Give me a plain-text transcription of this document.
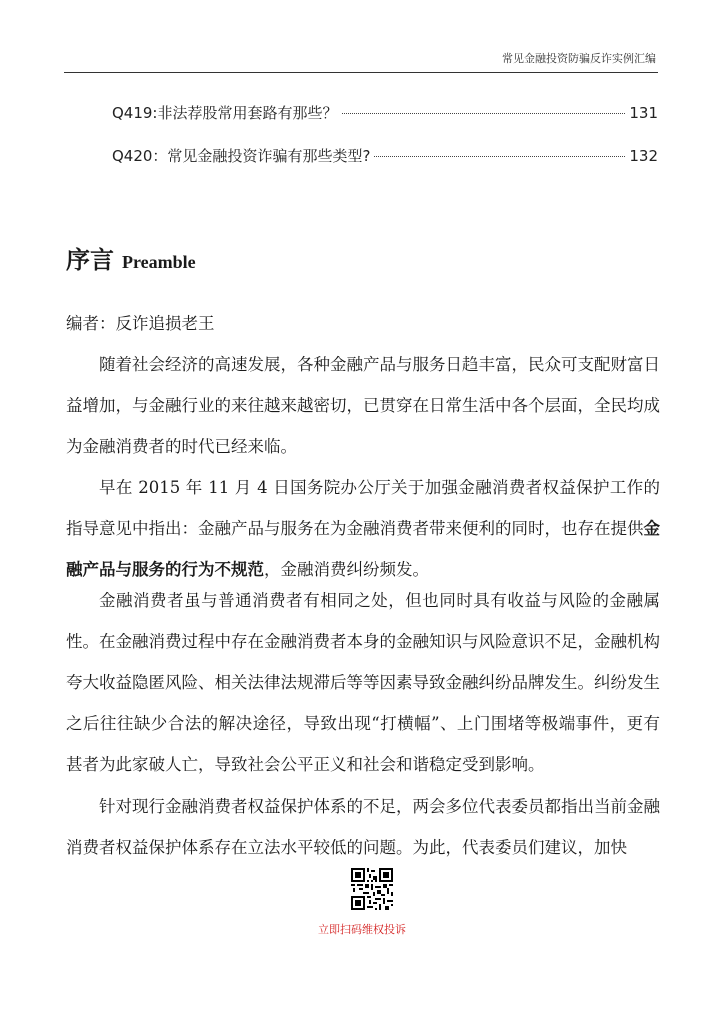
常见金融投资防骗反诈实例汇编
Q419:非法荐股常用套路有那些？	131
Q420：常见金融投资诈骗有那些类型?	132
序言 Preamble
编者：反诈追损老王
随着社会经济的高速发展，各种金融产品与服务日趋丰富，民众可支配财富日益增加，与金融行业的来往越来越密切，已贯穿在日常生活中各个层面，全民均成为金融消费者的时代已经来临。
早在 2015 年 11 月 4 日国务院办公厅关于加强金融消费者权益保护工作的指导意见中指出：金融产品与服务在为金融消费者带来便利的同时，也存在提供金融产品与服务的行为不规范，金融消费纠纷频发。
金融消费者虽与普通消费者有相同之处，但也同时具有收益与风险的金融属性。在金融消费过程中存在金融消费者本身的金融知识与风险意识不足，金融机构夸大收益隐匿风险、相关法律法规滞后等等因素导致金融纠纷品牌发生。纠纷发生之后往往缺少合法的解决途径，导致出现“打横幅”、上门围堵等极端事件，更有甚者为此家破人亡，导致社会公平正义和社会和谐稳定受到影响。
针对现行金融消费者权益保护体系的不足，两会多位代表委员都指出当前金融消费者权益保护体系存在立法水平较低的问题。为此，代表委员们建议，加快
立即扫码维权投诉
